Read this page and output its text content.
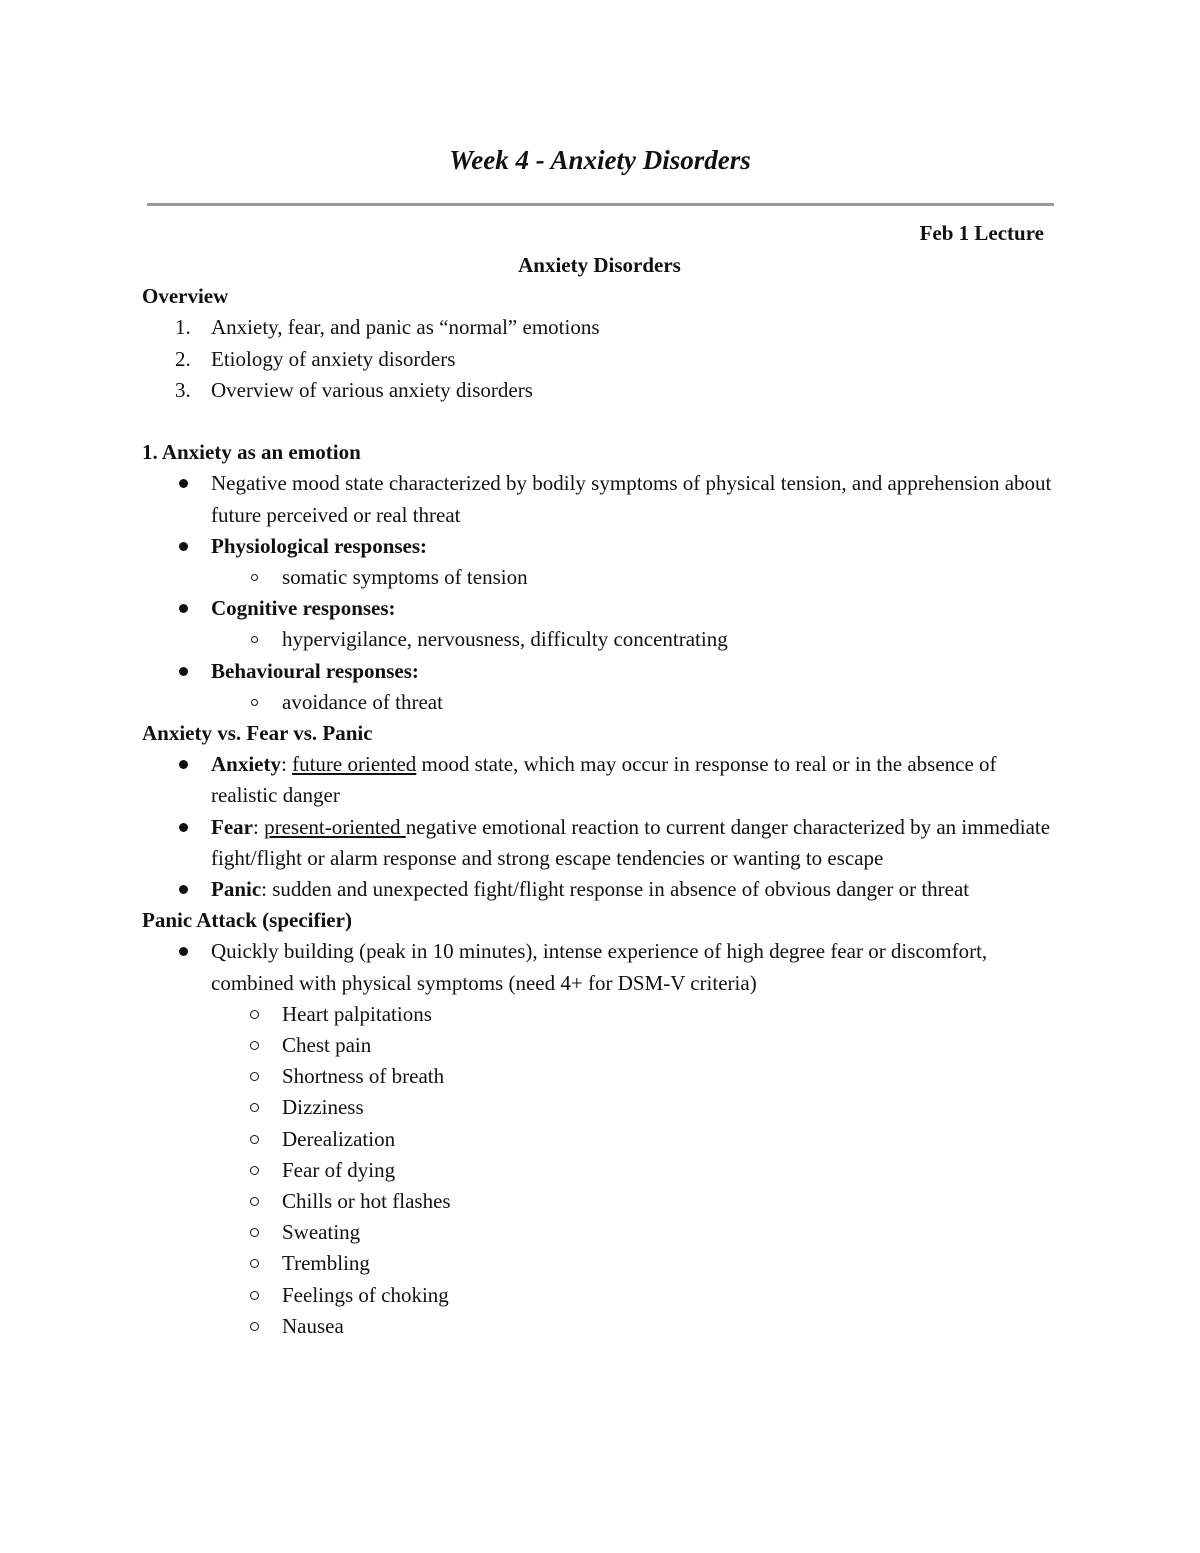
Week 4 - Anxiety Disorders
Feb 1 Lecture

Anxiety Disorders

Overview

1. Anxiety, fear, and panic as “normal” emotions
2. Etiology of anxiety disorders
3. Overview of various anxiety disorders

1. Anxiety as an emotion

Negative mood state characterized by bodily symptoms of physical tension, and apprehension about future perceived or real threat
Physiological responses:
somatic symptoms of tension
Cognitive responses:
hypervigilance, nervousness, difficulty concentrating
Behavioural responses:
avoidance of threat

Anxiety vs. Fear vs. Panic

Anxiety: future oriented mood state, which may occur in response to real or in the absence of realistic danger
Fear: present-oriented negative emotional reaction to current danger characterized by an immediate fight/flight or alarm response and strong escape tendencies or wanting to escape
Panic: sudden and unexpected fight/flight response in absence of obvious danger or threat

Panic Attack (specifier)

Quickly building (peak in 10 minutes), intense experience of high degree fear or discomfort, combined with physical symptoms (need 4+ for DSM-V criteria)
Heart palpitations
Chest pain
Shortness of breath
Dizziness
Derealization
Fear of dying
Chills or hot flashes
Sweating
Trembling
Feelings of choking
Nausea
